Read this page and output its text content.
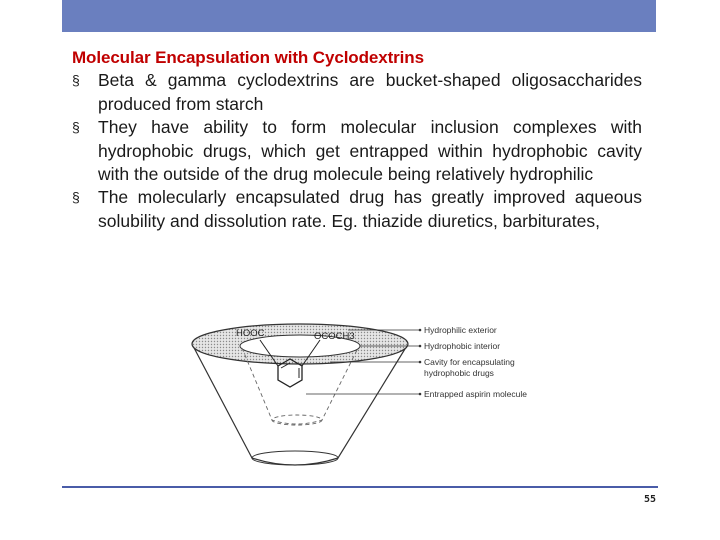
Molecular Encapsulation with Cyclodextrins

§ Beta & gamma cyclodextrins are bucket-shaped oligosaccharides produced from starch
§ They have ability to form molecular inclusion complexes with hydrophobic drugs, which get entrapped within hydrophobic cavity with the outside of the drug molecule being relatively hydrophilic
§ The molecularly encapsulated drug has greatly improved aqueous solubility and dissolution rate. Eg. thiazide diuretics, barbiturates,
HOOC	OCOCH3
Hydrophilic exterior
Hydrophobic interior
Cavity for encapsulating
hydrophobic drugs
Entrapped aspirin molecule
55
